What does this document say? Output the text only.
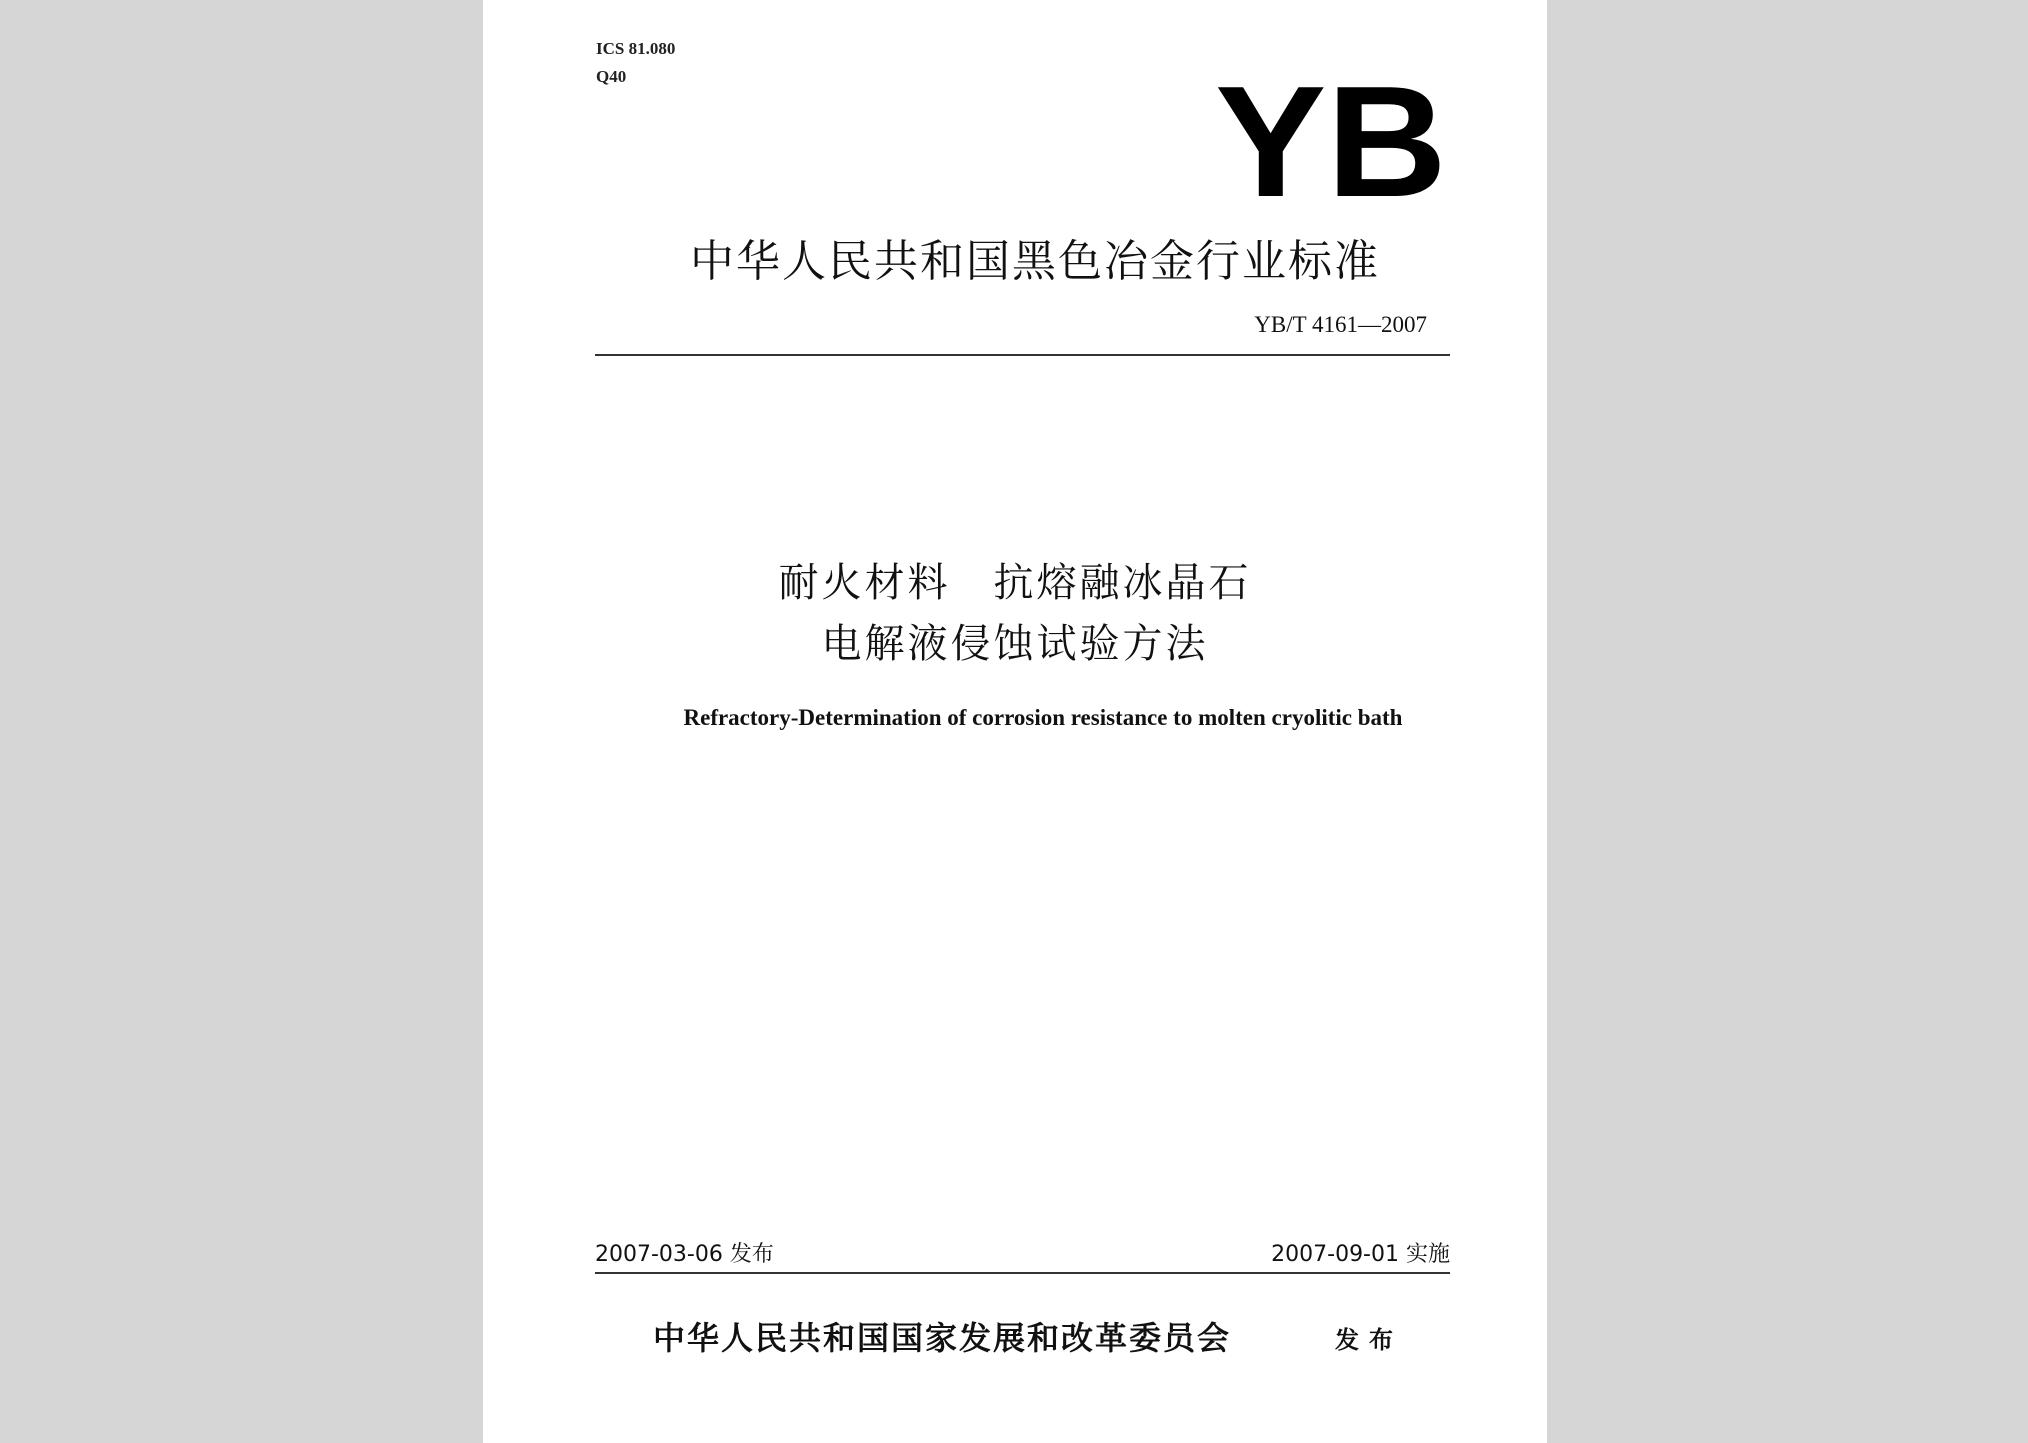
ICS 81.080
Q40	YB
中华人民共和国黑色冶金行业标准
YB/T 4161—2007
耐火材料　抗熔融冰晶石
电解液侵蚀试验方法
Refractory-Determination of corrosion resistance to molten cryolitic bath
2007-03-06 发布	2007-09-01 实施
中华人民共和国国家发展和改革委员会	发布
